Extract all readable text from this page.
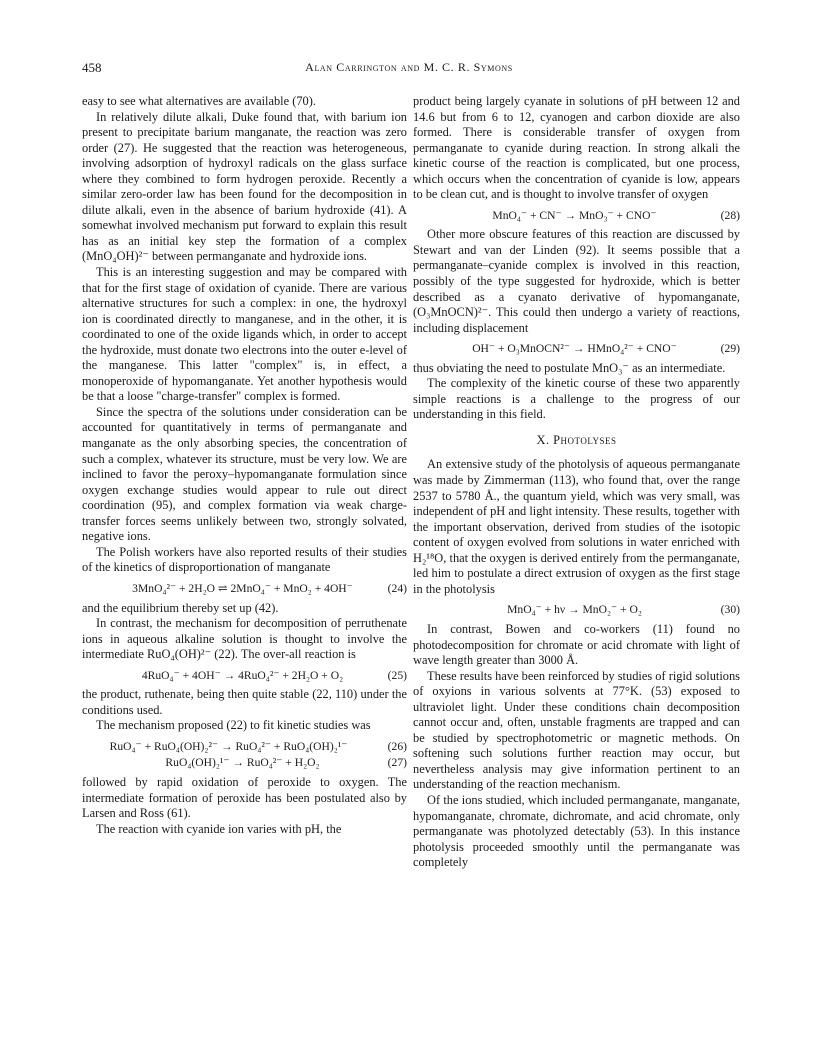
458	Alan Carrington and M. C. R. Symons

easy to see what alternatives are available (70).

In relatively dilute alkali, Duke found that, with barium ion present to precipitate barium manganate, the reaction was zero order (27). He suggested that the reaction was heterogeneous, involving adsorption of hydroxyl radicals on the glass surface where they combined to form hydrogen peroxide. Recently a similar zero-order law has been found for the decomposition in dilute alkali, even in the absence of barium hydroxide (41). A somewhat involved mechanism put forward to explain this result has as an initial key step the formation of a complex (MnO₄OH)²⁻ between permanganate and hydroxide ions.

This is an interesting suggestion and may be compared with that for the first stage of oxidation of cyanide. There are various alternative structures for such a complex: in one, the hydroxyl ion is coordinated directly to manganese, and in the other, it is coordinated to one of the oxide ligands which, in order to accept the hydroxide, must donate two electrons into the outer e-level of the manganese. This latter "complex" is, in effect, a monoperoxide of hypomanganate. Yet another hypothesis would be that a loose "charge-transfer" complex is formed.

Since the spectra of the solutions under consideration can be accounted for quantitatively in terms of permanganate and manganate as the only absorbing species, the concentration of such a complex, whatever its structure, must be very low. We are inclined to favor the peroxy–hypomanganate formulation since oxygen exchange studies would appear to rule out direct coordination (95), and complex formation via weak charge-transfer forces seems unlikely between two, strongly solvated, negative ions.

The Polish workers have also reported results of their studies of the kinetics of disproportionation of manganate

3MnO₄²⁻ + 2H₂O ⇌ 2MnO₄⁻ + MnO₂ + 4OH⁻	(24)

and the equilibrium thereby set up (42).

In contrast, the mechanism for decomposition of perruthenate ions in aqueous alkaline solution is thought to involve the intermediate RuO₄(OH)²⁻ (22). The over-all reaction is

4RuO₄⁻ + 4OH⁻ → 4RuO₄²⁻ + 2H₂O + O₂	(25)

the product, ruthenate, being then quite stable (22, 110) under the conditions used.

The mechanism proposed (22) to fit kinetic studies was

RuO₄⁻ + RuO₄(OH)₂²⁻ → RuO₄²⁻ + RuO₄(OH)₂¹⁻	(26)
RuO₄(OH)₂¹⁻ → RuO₄²⁻ + H₂O₂	(27)

followed by rapid oxidation of peroxide to oxygen. The intermediate formation of peroxide has been postulated also by Larsen and Ross (61).

The reaction with cyanide ion varies with pH, the

product being largely cyanate in solutions of pH between 12 and 14.6 but from 6 to 12, cyanogen and carbon dioxide are also formed. There is considerable transfer of oxygen from permanganate to cyanide during reaction. In strong alkali the kinetic course of the reaction is complicated, but one process, which occurs when the concentration of cyanide is low, appears to be clean cut, and is thought to involve transfer of oxygen

MnO₄⁻ + CN⁻ → MnO₃⁻ + CNO⁻	(28)

Other more obscure features of this reaction are discussed by Stewart and van der Linden (92). It seems possible that a permanganate–cyanide complex is involved in this reaction, possibly of the type suggested for hydroxide, which is better described as a cyanato derivative of hypomanganate, (O₃MnOCN)²⁻. This could then undergo a variety of reactions, including displacement

OH⁻ + O₃MnOCN²⁻ → HMnO₄²⁻ + CNO⁻	(29)

thus obviating the need to postulate MnO₃⁻ as an intermediate.

The complexity of the kinetic course of these two apparently simple reactions is a challenge to the progress of our understanding in this field.

X. Photolyses

An extensive study of the photolysis of aqueous permanganate was made by Zimmerman (113), who found that, over the range 2537 to 5780 Å., the quantum yield, which was very small, was independent of pH and light intensity. These results, together with the important observation, derived from studies of the isotopic content of oxygen evolved from solutions in water enriched with H₂¹⁸O, that the oxygen is derived entirely from the permanganate, led him to postulate a direct extrusion of oxygen as the first stage in the photolysis

MnO₄⁻ + hν → MnO₂⁻ + O₂	(30)

In contrast, Bowen and co-workers (11) found no photodecomposition for chromate or acid chromate with light of wave length greater than 3000 Å.

These results have been reinforced by studies of rigid solutions of oxyions in various solvents at 77°K. (53) exposed to ultraviolet light. Under these conditions chain decomposition cannot occur and, often, unstable fragments are trapped and can be studied by spectrophotometric or magnetic methods. On softening such solutions further reaction may occur, but nevertheless analysis may give information pertinent to an understanding of the reaction mechanism.

Of the ions studied, which included permanganate, manganate, hypomanganate, chromate, dichromate, and acid chromate, only permanganate was photolyzed detectably (53). In this instance photolysis proceeded smoothly until the permanganate was completely
